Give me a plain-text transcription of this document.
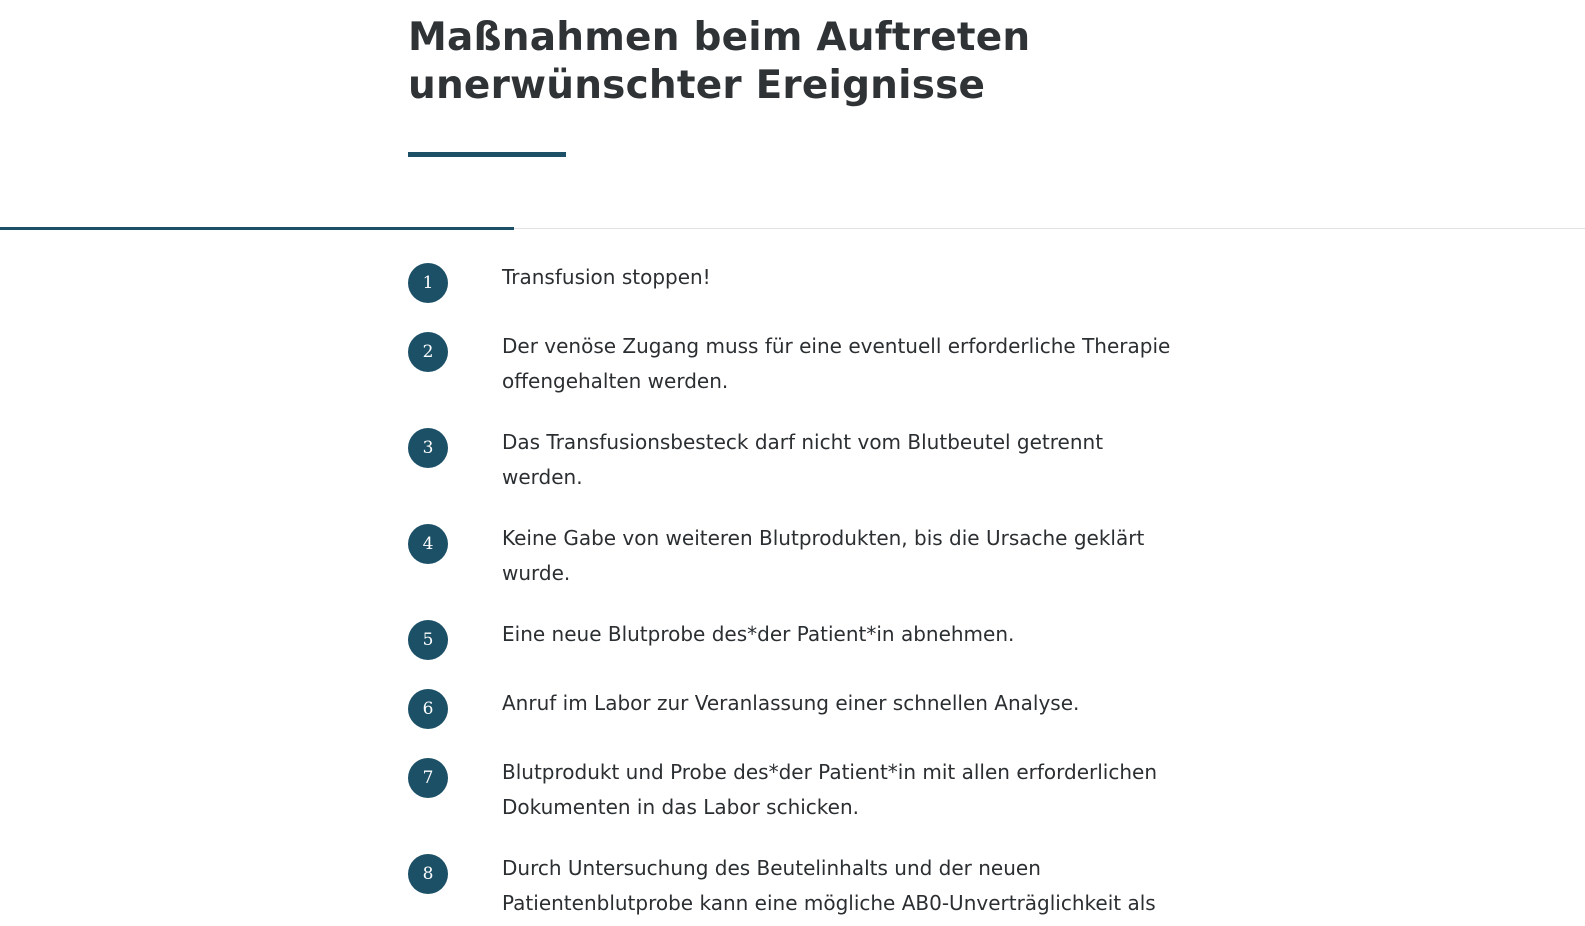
Maßnahmen beim Auftreten unerwünschter Ereignisse
1	Transfusion stoppen!
2	Der venöse Zugang muss für eine eventuell erforderliche Therapie offengehalten werden.
3	Das Transfusionsbesteck darf nicht vom Blutbeutel getrennt werden.
4	Keine Gabe von weiteren Blutprodukten, bis die Ursache geklärt wurde.
5	Eine neue Blutprobe des*der Patient*in abnehmen.
6	Anruf im Labor zur Veranlassung einer schnellen Analyse.
7	Blutprodukt und Probe des*der Patient*in mit allen erforderlichen Dokumenten in das Labor schicken.
8	Durch Untersuchung des Beutelinhalts und der neuen Patientenblutprobe kann eine mögliche AB0-Unverträglichkeit als
